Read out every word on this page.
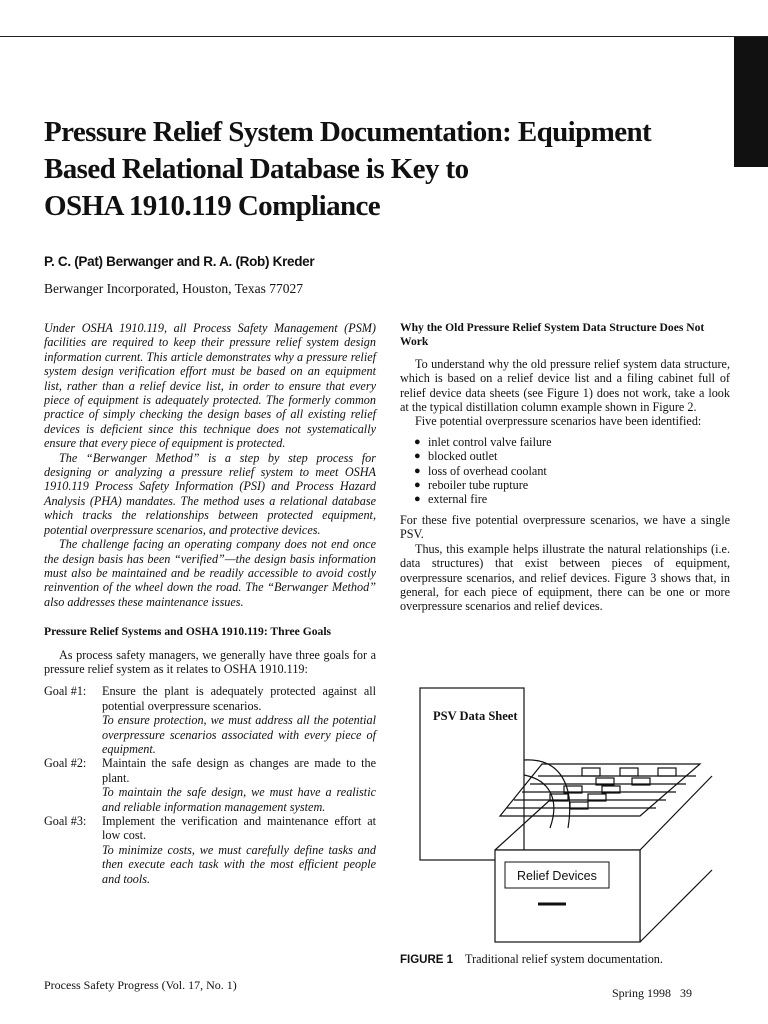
Pressure Relief System Documentation: Equipment
Based Relational Database is Key to
OSHA 1910.119 Compliance
P. C. (Pat) Berwanger and R. A. (Rob) Kreder
Berwanger Incorporated, Houston, Texas 77027

Under OSHA 1910.119, all Process Safety Management (PSM) facilities are required to keep their pressure relief system design information current. This article demonstrates why a pressure relief system design verification effort must be based on an equipment list, rather than a relief device list, in order to ensure that every piece of equipment is adequately protected. The formerly common practice of simply checking the design bases of all existing relief devices is deficient since this technique does not systematically ensure that every piece of equipment is protected.

The “Berwanger Method” is a step by step process for designing or analyzing a pressure relief system to meet OSHA 1910.119 Process Safety Information (PSI) and Process Hazard Analysis (PHA) mandates. The method uses a relational database which tracks the relationships between protected equipment, potential overpressure scenarios, and protective devices.

The challenge facing an operating company does not end once the design basis has been “verified”—the design basis information must also be maintained and be readily accessible to avoid costly reinvention of the wheel down the road. The “Berwanger Method” also addresses these maintenance issues.

Pressure Relief Systems and OSHA 1910.119: Three Goals

As process safety managers, we generally have three goals for a pressure relief system as it relates to OSHA 1910.119:

Goal #1:	Ensure the plant is adequately protected against all potential overpressure scenarios.
To ensure protection, we must address all the potential overpressure scenarios associated with every piece of equipment.
Goal #2:	Maintain the safe design as changes are made to the plant.
To maintain the safe design, we must have a realistic and reliable information management system.
Goal #3:	Implement the verification and maintenance effort at low cost.
To minimize costs, we must carefully define tasks and then execute each task with the most efficient people and tools.
Why the Old Pressure Relief System Data Structure Does Not Work

To understand why the old pressure relief system data structure, which is based on a relief device list and a filing cabinet full of relief device data sheets (see Figure 1) does not work, take a look at the typical distillation column example shown in Figure 2.

Five potential overpressure scenarios have been identified:

● inlet control valve failure
● blocked outlet
● loss of overhead coolant
● reboiler tube rupture
● external fire

For these five potential overpressure scenarios, we have a single PSV.

Thus, this example helps illustrate the natural relationships (i.e. data structures) that exist between pieces of equipment, overpressure scenarios, and relief devices. Figure 3 shows that, in general, for each piece of equipment, there can be one or more overpressure scenarios and relief devices.

PSV Data Sheet
Relief Devices
FIGURE 1 Traditional relief system documentation.
Process Safety Progress (Vol. 17, No. 1)
Spring 1998   39
